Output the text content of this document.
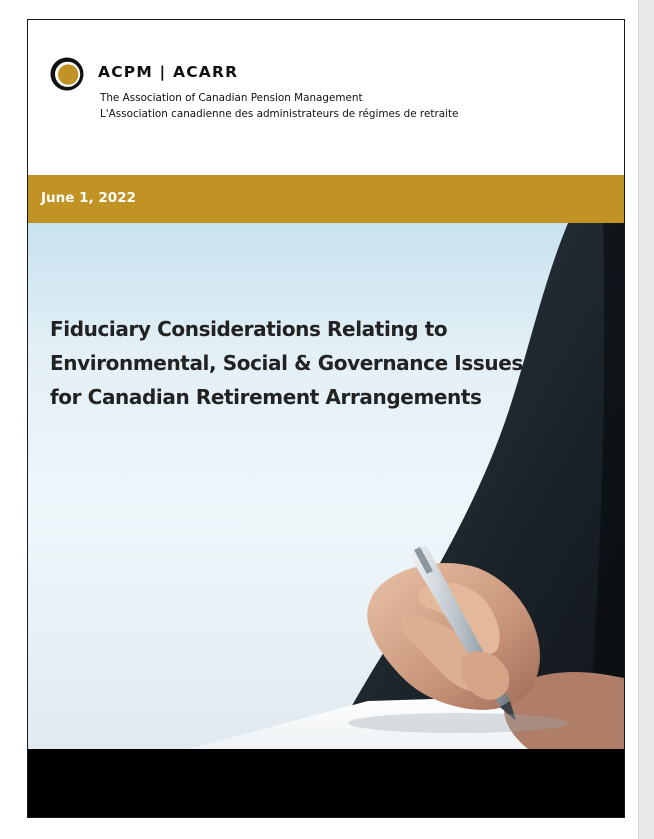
ACPM | ACARR
The Association of Canadian Pension Management
L'Association canadienne des administrateurs de régimes de retraite
June 1, 2022
Fiduciary Considerations Relating to
Environmental, Social & Governance Issues
for Canadian Retirement Arrangements
